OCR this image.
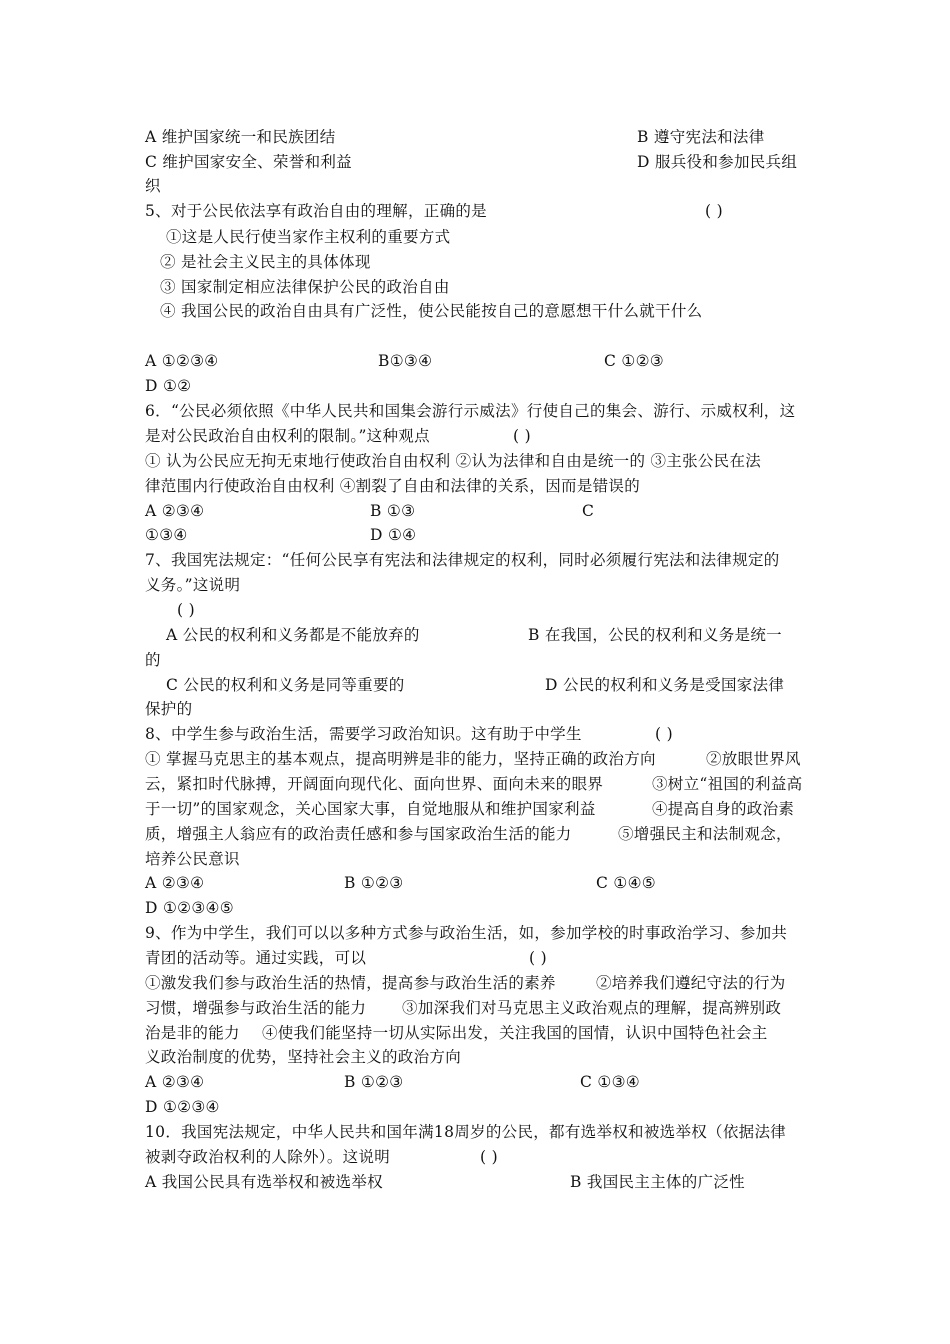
A 维护国家统一和民族团结	B 遵守宪法和法律
C 维护国家安全、荣誉和利益	D 服兵役和参加民兵组
织
5、对于公民依法享有政治自由的理解，正确的是	( )
①这是人民行使当家作主权利的重要方式
② 是社会主义民主的具体体现
③ 国家制定相应法律保护公民的政治自由
④ 我国公民的政治自由具有广泛性，使公民能按自己的意愿想干什么就干什么
A ①②③④	B①③④	C ①②③
D ①②
6．“公民必须依照《中华人民共和国集会游行示威法》行使自己的集会、游行、示威权利，这
是对公民政治自由权利的限制。”这种观点	( )
① 认为公民应无拘无束地行使政治自由权利 ②认为法律和自由是统一的 ③主张公民在法
律范围内行使政治自由权利 ④割裂了自由和法律的关系，因而是错误的
A ②③④	B ①③	C
①③④	D ①④
7、我国宪法规定：“任何公民享有宪法和法律规定的权利，同时必须履行宪法和法律规定的
义务。”这说明
( )
A 公民的权利和义务都是不能放弃的	B 在我国，公民的权利和义务是统一
的
C 公民的权利和义务是同等重要的	D 公民的权利和义务是受国家法律
保护的
8、中学生参与政治生活，需要学习政治知识。这有助于中学生	( )
① 掌握马克思主的基本观点，提高明辨是非的能力，坚持正确的政治方向	②放眼世界风
云，紧扣时代脉搏，开阔面向现代化、面向世界、面向未来的眼界	③树立“祖国的利益高
于一切”的国家观念，关心国家大事，自觉地服从和维护国家利益	④提高自身的政治素
质，增强主人翁应有的政治责任感和参与国家政治生活的能力	⑤增强民主和法制观念，
培养公民意识
A ②③④	B ①②③	C ①④⑤
D ①②③④⑤
9、作为中学生，我们可以以多种方式参与政治生活，如，参加学校的时事政治学习、参加共
青团的活动等。通过实践，可以	( )
①激发我们参与政治生活的热情，提高参与政治生活的素养	②培养我们遵纪守法的行为
习惯，增强参与政治生活的能力 ③加深我们对马克思主义政治观点的理解，提高辨别政
治是非的能力 ④使我们能坚持一切从实际出发，关注我国的国情，认识中国特色社会主
义政治制度的优势，坚持社会主义的政治方向
A ②③④	B ①②③	C ①③④
D ①②③④
10．我国宪法规定，中华人民共和国年满18周岁的公民，都有选举权和被选举权（依据法律
被剥夺政治权利的人除外）。这说明	( )
A 我国公民具有选举权和被选举权	B 我国民主主体的广泛性
